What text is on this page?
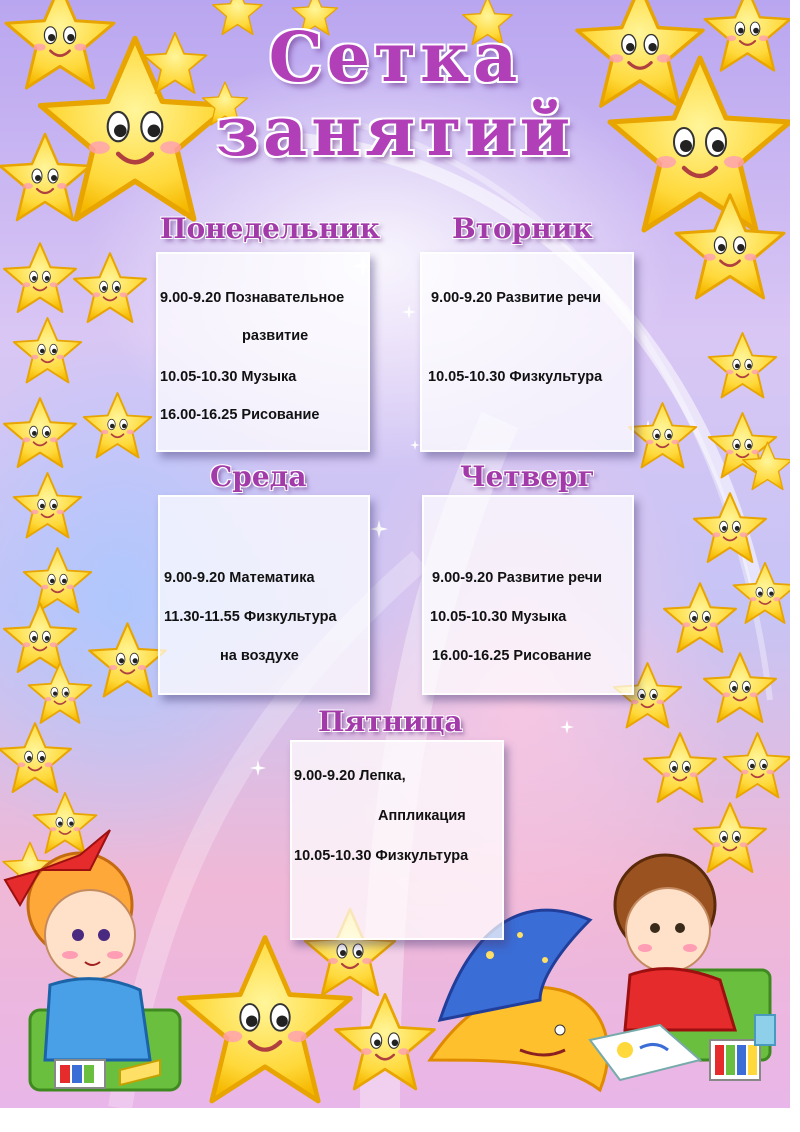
Сетка
занятий
Понедельник
9.00-9.20 Познавательное
развитие
10.05-10.30 Музыка
16.00-16.25 Рисование
Вторник
9.00-9.20 Развитие речи
10.05-10.30 Физкультура
Среда
9.00-9.20 Математика
11.30-11.55 Физкультура
на воздухе
Четверг
9.00-9.20 Развитие речи
10.05-10.30 Музыка
16.00-16.25 Рисование
Пятница
9.00-9.20 Лепка,
Аппликация
10.05-10.30 Физкультура
